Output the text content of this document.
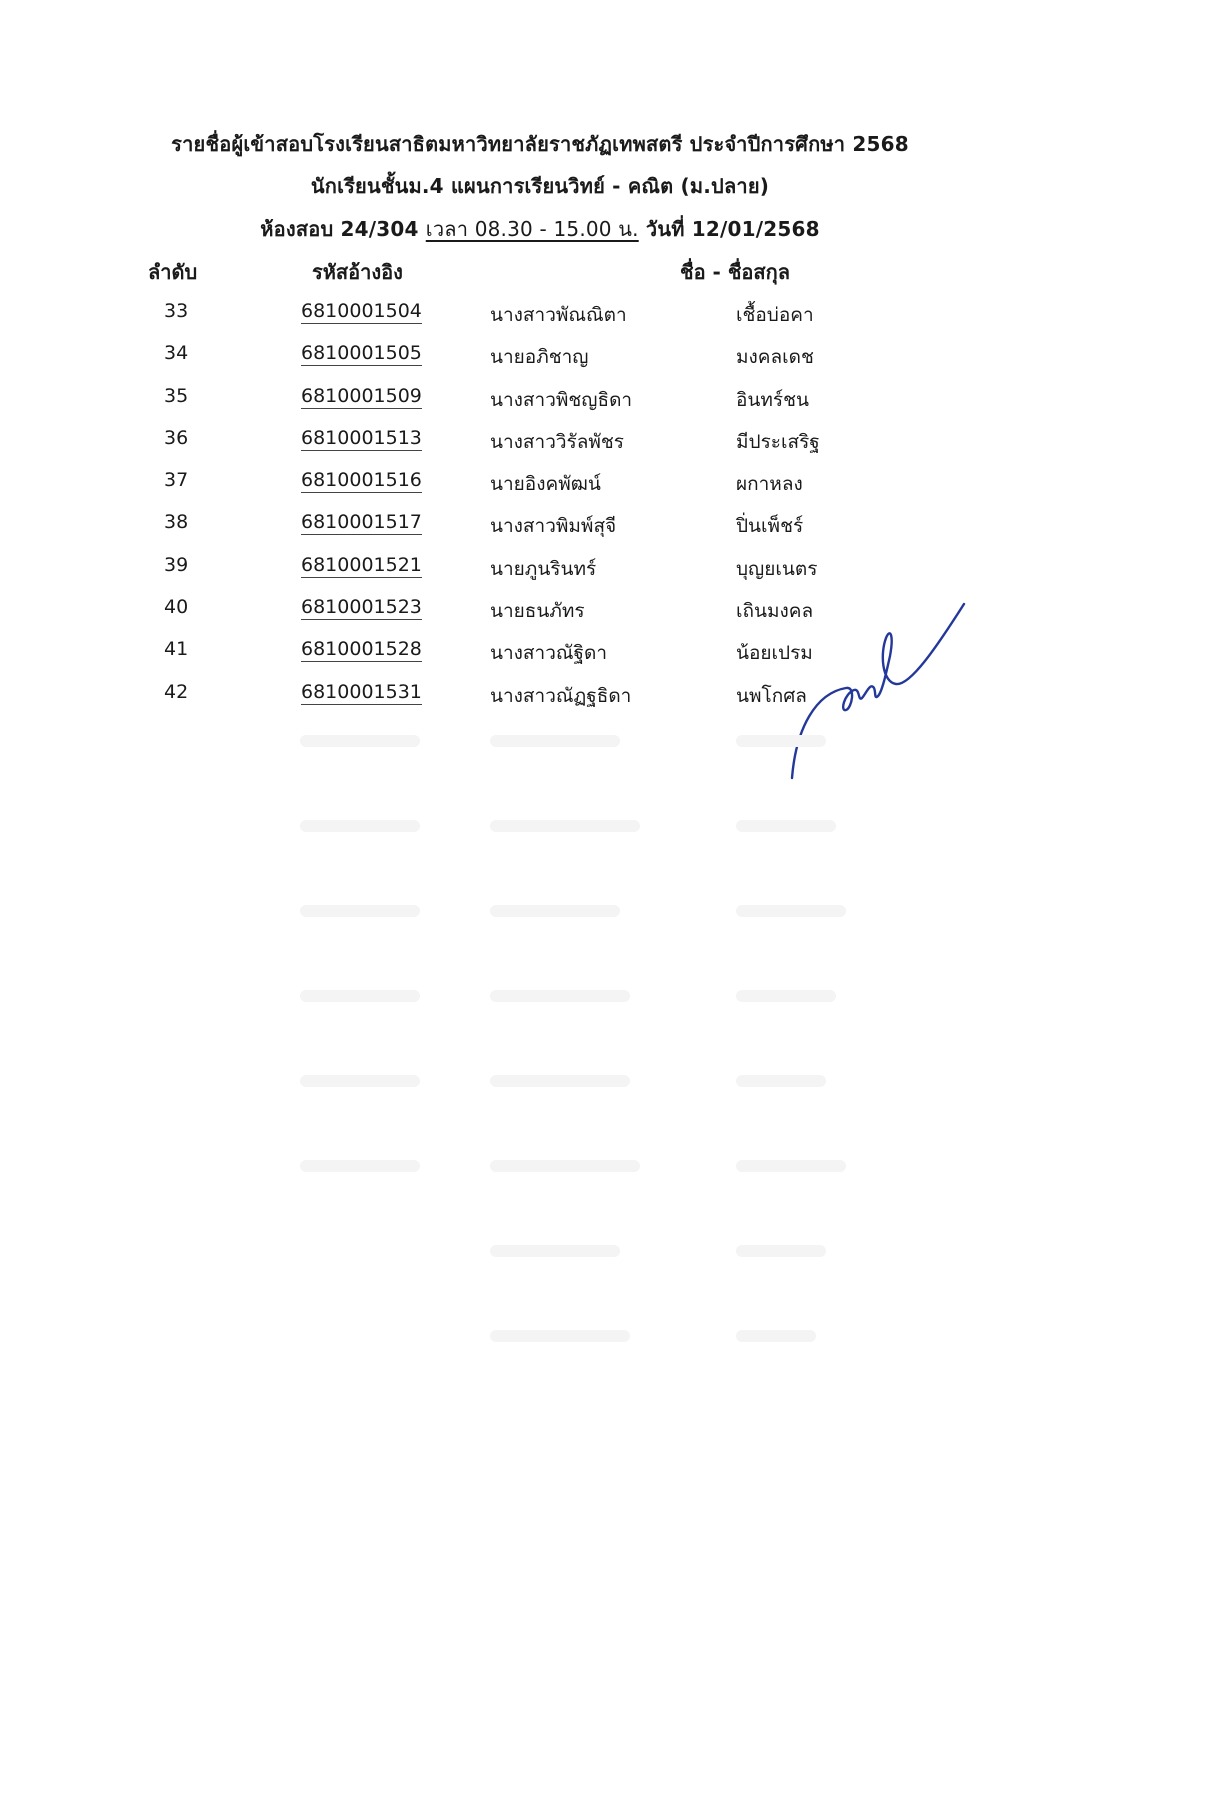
รายชื่อผู้เข้าสอบโรงเรียนสาธิตมหาวิทยาลัยราชภัฏเทพสตรี ประจำปีการศึกษา 2568
นักเรียนชั้นม.4 แผนการเรียนวิทย์ - คณิต (ม.ปลาย)
ห้องสอบ 24/304 เวลา 08.30 - 15.00 น. วันที่ 12/01/2568
ลำดับ	รหัสอ้างอิง	ชื่อ - ชื่อสกุล
33	6810001504	นางสาวพัณณิตา	เชื้อบ่อคา
34	6810001505	นายอภิชาญ	มงคลเดช
35	6810001509	นางสาวพิชญธิดา	อินทร์ชน
36	6810001513	นางสาววิรัลพัชร	มีประเสริฐ
37	6810001516	นายอิงคพัฒน์	ผกาหลง
38	6810001517	นางสาวพิมพ์สุจี	ปิ่นเพ็ชร์
39	6810001521	นายภูนรินทร์	บุญยเนตร
40	6810001523	นายธนภัทร	เถินมงคล
41	6810001528	นางสาวณัฐิดา	น้อยเปรม
42	6810001531	นางสาวณัฏฐธิดา	นพโกศล
